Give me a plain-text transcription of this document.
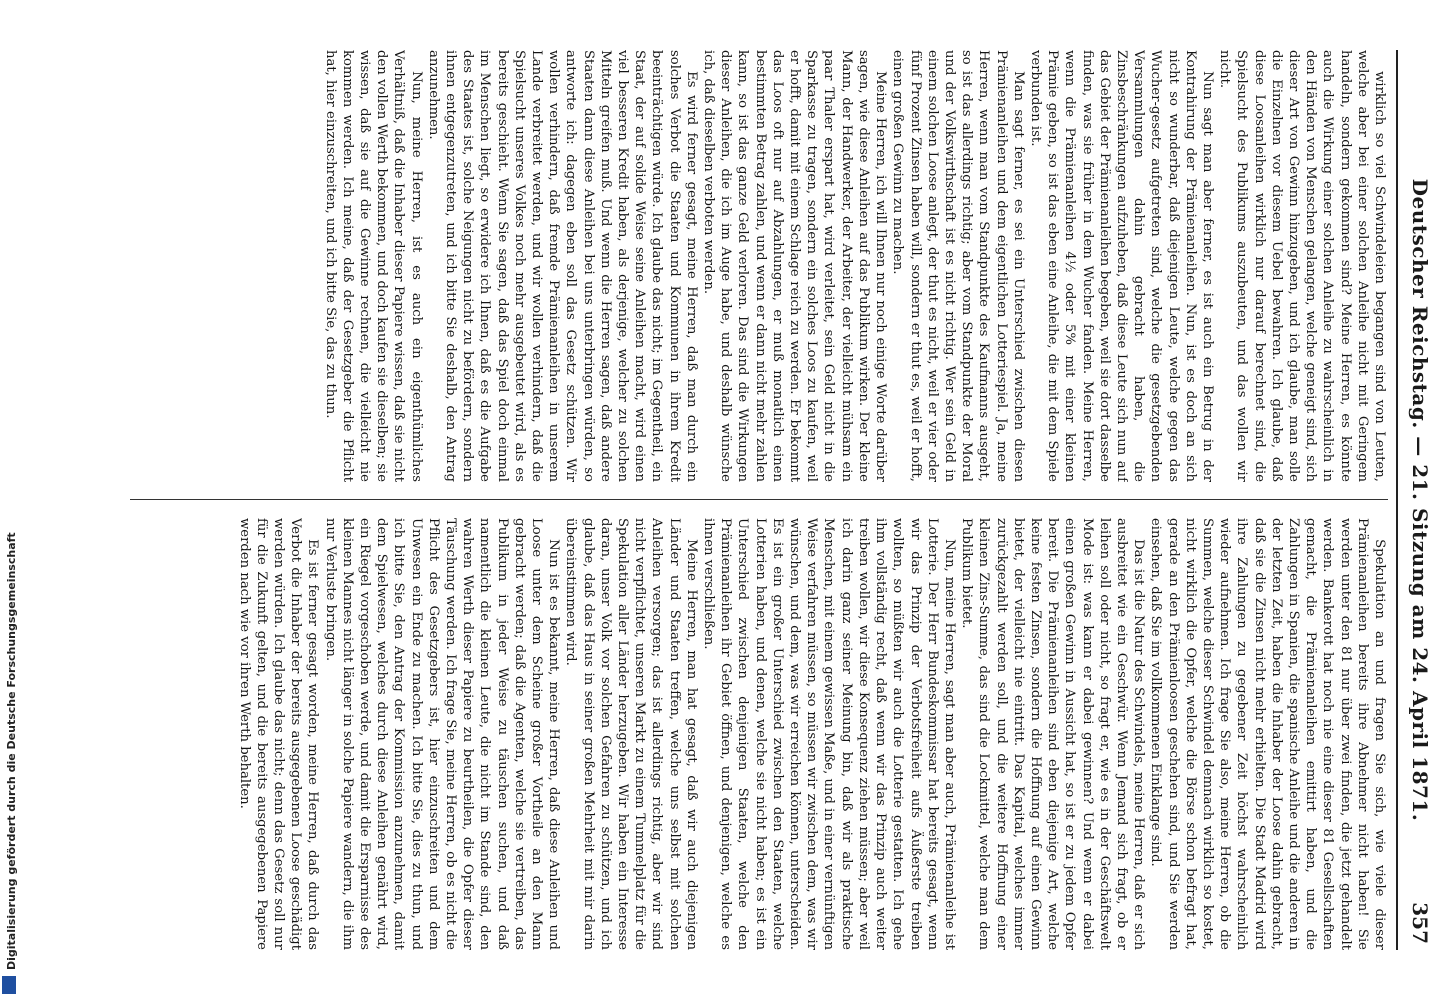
Digitalisierung gefördert durch die Deutsche Forschungsgemeinschaft	Deutscher Reichstag. — 21. Sitzung am 24. April 1871.
357

wirklich so viel Schwindeleien begangen sind von Leuten, welche aber bei einer solchen Anleihe nicht mit Geringem handeln, sondern gekommen sind? Meine Herren, es könnte auch die Wirkung einer solchen Anleihe zu wahrscheinlich in den Händen von Menschen gelangen, welche geneigt sind, sich dieser Art von Gewinn hinzugeben, und ich glaube, man solle die Einzelnen vor diesem Uebel bewahren. Ich glaube, daß diese Loosanleihen wirklich nur darauf berechnet sind, die Spielsucht des Publikums auszubeuten, und das wollen wir nicht.

Nun sagt man aber ferner, es ist auch ein Betrug in der Kontrahirung der Prämienanleihen. Nun, ist es doch an sich nicht so wunderbar, daß diejenigen Leute, welche gegen das Wucher-gesetz aufgetreten sind, welche die gesetzgebenden Versammlungen dahin gebracht haben, die Zinsbeschränkungen aufzuheben, daß diese Leute sich nun auf das Gebiet der Prämienanleihen begeben, weil sie dort dasselbe finden, was sie früher in dem Wucher fanden. Meine Herren, wenn die Prämienanleihen 4½ oder 5% mit einer kleinen Prämie geben, so ist das eben eine Anleihe, die mit dem Spiele verbunden ist.

Man sagt ferner, es sei ein Unterschied zwischen diesen Prämienanleihen und dem eigentlichen Lotteriespiel. Ja, meine Herren, wenn man vom Standpunkte des Kaufmanns ausgeht, so ist das allerdings richtig; aber vom Standpunkte der Moral und der Volkswirthschaft ist es nicht richtig. Wer sein Geld in einem solchen Loose anlegt, der thut es nicht, weil er vier oder fünf Prozent Zinsen haben will, sondern er thut es, weil er hofft, einen großen Gewinn zu machen.

Meine Herren, ich will Ihnen nur noch einige Worte darüber sagen, wie diese Anleihen auf das Publikum wirken. Der kleine Mann, der Handwerker, der Arbeiter, der vielleicht mühsam ein paar Thaler erspart hat, wird verleitet, sein Geld nicht in die Sparkasse zu tragen, sondern ein solches Loos zu kaufen, weil er hofft, damit mit einem Schlage reich zu werden. Er bekommt das Loos oft nur auf Abzahlungen, er muß monatlich einen bestimmten Betrag zahlen, und wenn er dann nicht mehr zahlen kann, so ist das ganze Geld verloren. Das sind die Wirkungen dieser Anleihen, die ich im Auge habe, und deshalb wünsche ich, daß dieselben verboten werden.

Es wird ferner gesagt, meine Herren, daß man durch ein solches Verbot die Staaten und Kommunen in ihrem Kredit beeinträchtigen würde. Ich glaube das nicht; im Gegentheil, ein Staat, der auf solide Weise seine Anleihen macht, wird einen viel besseren Kredit haben, als derjenige, welcher zu solchen Mitteln greifen muß. Und wenn die Herren sagen, daß andere Staaten dann diese Anleihen bei uns unterbringen würden, so antworte ich: dagegen eben soll das Gesetz schützen. Wir wollen verhindern, daß fremde Prämienanleihen in unserem Lande verbreitet werden, und wir wollen verhindern, daß die Spielsucht unseres Volkes noch mehr ausgebeutet wird, als es bereits geschieht. Wenn Sie sagen, daß das Spiel doch einmal im Menschen liegt, so erwidere ich Ihnen, daß es die Aufgabe des Staates ist, solche Neigungen nicht zu befördern, sondern ihnen entgegenzutreten, und ich bitte Sie deshalb, den Antrag anzunehmen.

Nun, meine Herren, ist es auch ein eigenthümliches Verhältniß, daß die Inhaber dieser Papiere wissen, daß sie nicht den vollen Werth bekommen, und doch kaufen sie dieselben; sie wissen, daß sie auf die Gewinne rechnen, die vielleicht nie kommen werden. Ich meine, daß der Gesetzgeber die Pflicht hat, hier einzuschreiten, und ich bitte Sie, das zu thun.

Spekulation an und fragen Sie sich, wie viele dieser Prämienanleihen bereits ihre Abnehmer nicht haben! Sie werden unter den 81 nur über zwei finden, die jetzt gehandelt werden. Bankerott hat noch nie eine dieser 81 Gesellschaften gemacht, die Prämienanleihen emittirt haben, und die Zahlungen in Spanien, die spanische Anleihe und die anderen in der letzten Zeit, haben die Inhaber der Loose dahin gebracht, daß sie die Zinsen nicht mehr erhielten. Die Stadt Madrid wird ihre Zahlungen zu gegebener Zeit höchst wahrscheinlich wieder aufnehmen. Ich frage Sie also, meine Herren, ob die Summen, welche dieser Schwindel demnach wirklich so kostet, nicht wirklich die Opfer, welche die Börse schon befragt hat, gerade an den Prämienloosen geschehen sind, und Sie werden einsehen, daß Sie im vollkommenen Einklange sind.

Das ist die Natur des Schwindels, meine Herren, daß er sich ausbreitet wie ein Geschwür. Wenn Jemand sich fragt, ob er leihen soll oder nicht, so fragt er, wie es in der Geschäftswelt Mode ist: was kann er dabei gewinnen? Und wenn er dabei einen großen Gewinn in Aussicht hat, so ist er zu jedem Opfer bereit. Die Prämienanleihen sind eben diejenige Art, welche keine festen Zinsen, sondern die Hoffnung auf einen Gewinn bietet, der vielleicht nie eintritt. Das Kapital, welches immer zurückgezahlt werden soll, und die weitere Hoffnung einer kleinen Zins-Summe, das sind die Lockmittel, welche man dem Publikum bietet.

Nun, meine Herren, sagt man aber auch, Prämienanleihe ist Lotterie. Der Herr Bundeskommissar hat bereits gesagt, wenn wir das Prinzip der Verbotsfreiheit aufs Äußerste treiben wollten, so müßten wir auch die Lotterie gestatten. Ich gehe ihm vollständig recht, daß wenn wir das Prinzip auch weiter treiben wollen, wir diese Konsequenz ziehen müssen; aber weil ich darin ganz seiner Meinung bin, daß wir als praktische Menschen, mit einem gewissen Maße, und in einer vernünftigen Weise verfahren müssen, so müssen wir zwischen dem, was wir wünschen, und dem, was wir erreichen können, unterscheiden. Es ist ein großer Unterschied zwischen den Staaten, welche Lotterien haben, und denen, welche sie nicht haben; es ist ein Unterschied zwischen denjenigen Staaten, welche den Prämienanleihen ihr Gebiet öffnen, und denjenigen, welche es ihnen verschließen.

Meine Herren, man hat gesagt, daß wir auch diejenigen Länder und Staaten treffen, welche uns selbst mit solchen Anleihen versorgen; das ist allerdings richtig, aber wir sind nicht verpflichtet, unseren Markt zu einem Tummelplatz für die Spekulation aller Länder herzugeben. Wir haben ein Interesse daran, unser Volk vor solchen Gefahren zu schützen, und ich glaube, daß das Haus in seiner großen Mehrheit mit mir darin übereinstimmen wird.

Nun ist es bekannt, meine Herren, daß diese Anleihen und Loose unter dem Scheine großer Vortheile an den Mann gebracht werden; daß die Agenten, welche sie vertreiben, das Publikum in jeder Weise zu täuschen suchen, und daß namentlich die kleinen Leute, die nicht im Stande sind, den wahren Werth dieser Papiere zu beurtheilen, die Opfer dieser Täuschung werden. Ich frage Sie, meine Herren, ob es nicht die Pflicht des Gesetzgebers ist, hier einzuschreiten und dem Unwesen ein Ende zu machen. Ich bitte Sie, dies zu thun, und ich bitte Sie, den Antrag der Kommission anzunehmen, damit dem Spielwesen, welches durch diese Anleihen genährt wird, ein Riegel vorgeschoben werde, und damit die Ersparnisse des kleinen Mannes nicht länger in solche Papiere wandern, die ihm nur Verluste bringen.

Es ist ferner gesagt worden, meine Herren, daß durch das Verbot die Inhaber der bereits ausgegebenen Loose geschädigt werden würden. Ich glaube das nicht; denn das Gesetz soll nur für die Zukunft gelten, und die bereits ausgegebenen Papiere werden nach wie vor ihren Werth behalten.
